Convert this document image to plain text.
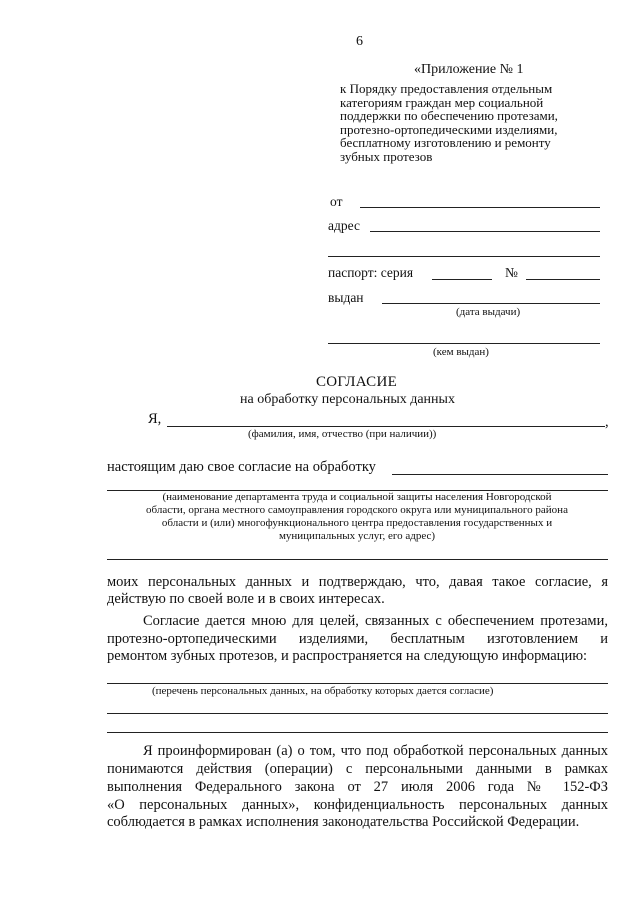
6
«Приложение № 1
к Порядку предоставления отдельным
категориям граждан мер социальной
поддержки по обеспечению протезами,
протезно-ортопедическими изделиями,
бесплатному изготовлению и ремонту
зубных протезов
от
адрес
паспорт: серия	№
выдан
(дата выдачи)
(кем выдан)
СОГЛАСИЕ
на обработку персональных данных
Я,	,
(фамилия, имя, отчество (при наличии))
настоящим даю свое согласие на обработку
(наименование департамента труда и социальной защиты населения Новгородской
области, органа местного самоуправления городского округа или муниципального района
области и (или) многофункционального центра предоставления государственных и
муниципальных услуг, его адрес)
моих персональных данных и подтверждаю, что, давая такое согласие, я
действую по своей воле и в своих интересах.
Согласие дается мною для целей, связанных с обеспечением протезами,
протезно-ортопедическими изделиями, бесплатным изготовлением и
ремонтом зубных протезов, и распространяется на следующую информацию:
(перечень персональных данных, на обработку которых дается согласие)
Я проинформирован (а) о том, что под обработкой персональных данных
понимаются действия (операции) с персональными данными в рамках
выполнения Федерального закона от 27 июля 2006 года № 152-ФЗ
«О персональных данных», конфиденциальность персональных данных
соблюдается в рамках исполнения законодательства Российской Федерации.
